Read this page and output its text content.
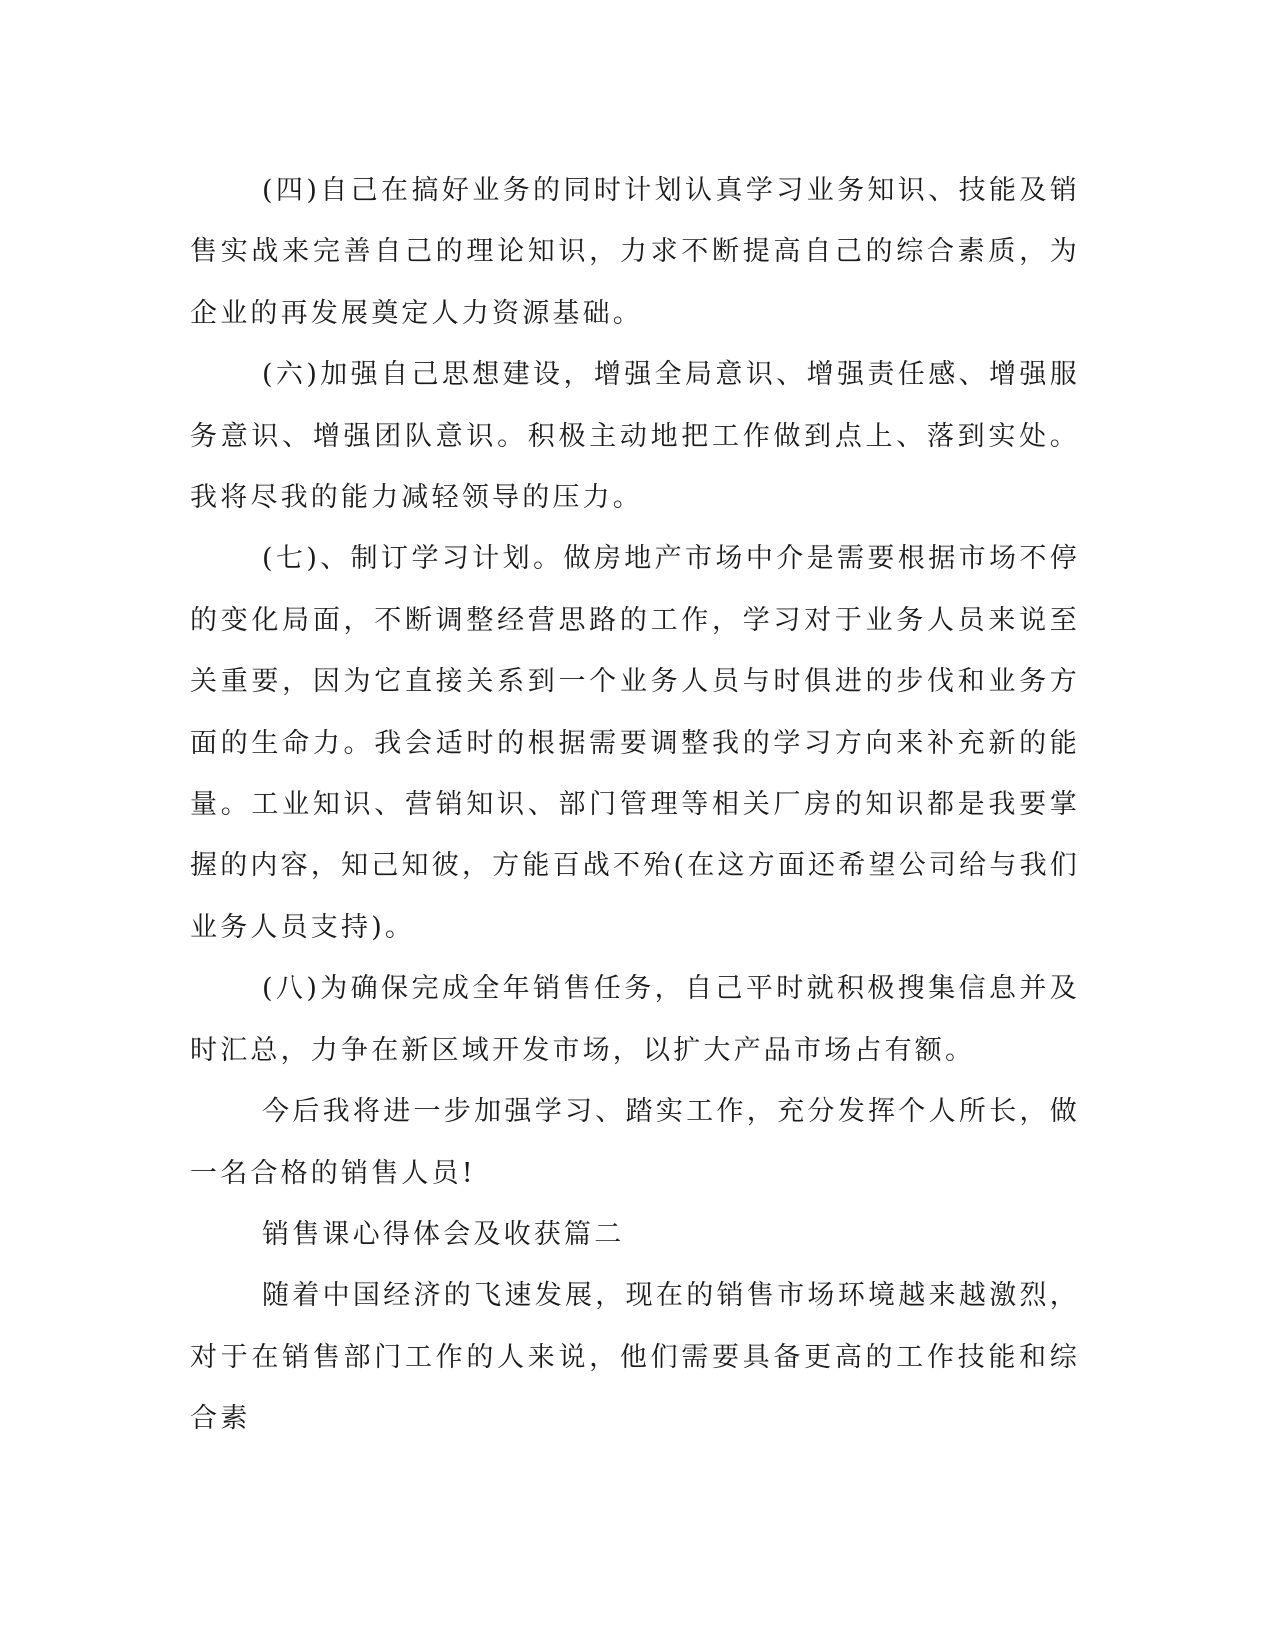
(四)自己在搞好业务的同时计划认真学习业务知识、技能及销售实战来完善自己的理论知识，力求不断提高自己的综合素质，为企业的再发展奠定人力资源基础。

(六)加强自己思想建设，增强全局意识、增强责任感、增强服务意识、增强团队意识。积极主动地把工作做到点上、落到实处。我将尽我的能力减轻领导的压力。

(七)、制订学习计划。做房地产市场中介是需要根据市场不停的变化局面，不断调整经营思路的工作，学习对于业务人员来说至关重要，因为它直接关系到一个业务人员与时俱进的步伐和业务方面的生命力。我会适时的根据需要调整我的学习方向来补充新的能量。工业知识、营销知识、部门管理等相关厂房的知识都是我要掌握的内容，知己知彼，方能百战不殆(在这方面还希望公司给与我们业务人员支持)。

(八)为确保完成全年销售任务，自己平时就积极搜集信息并及时汇总，力争在新区域开发市场，以扩大产品市场占有额。

今后我将进一步加强学习、踏实工作，充分发挥个人所长，做一名合格的销售人员!

销售课心得体会及收获篇二

随着中国经济的飞速发展，现在的销售市场环境越来越激烈，对于在销售部门工作的人来说，他们需要具备更高的工作技能和综合素
